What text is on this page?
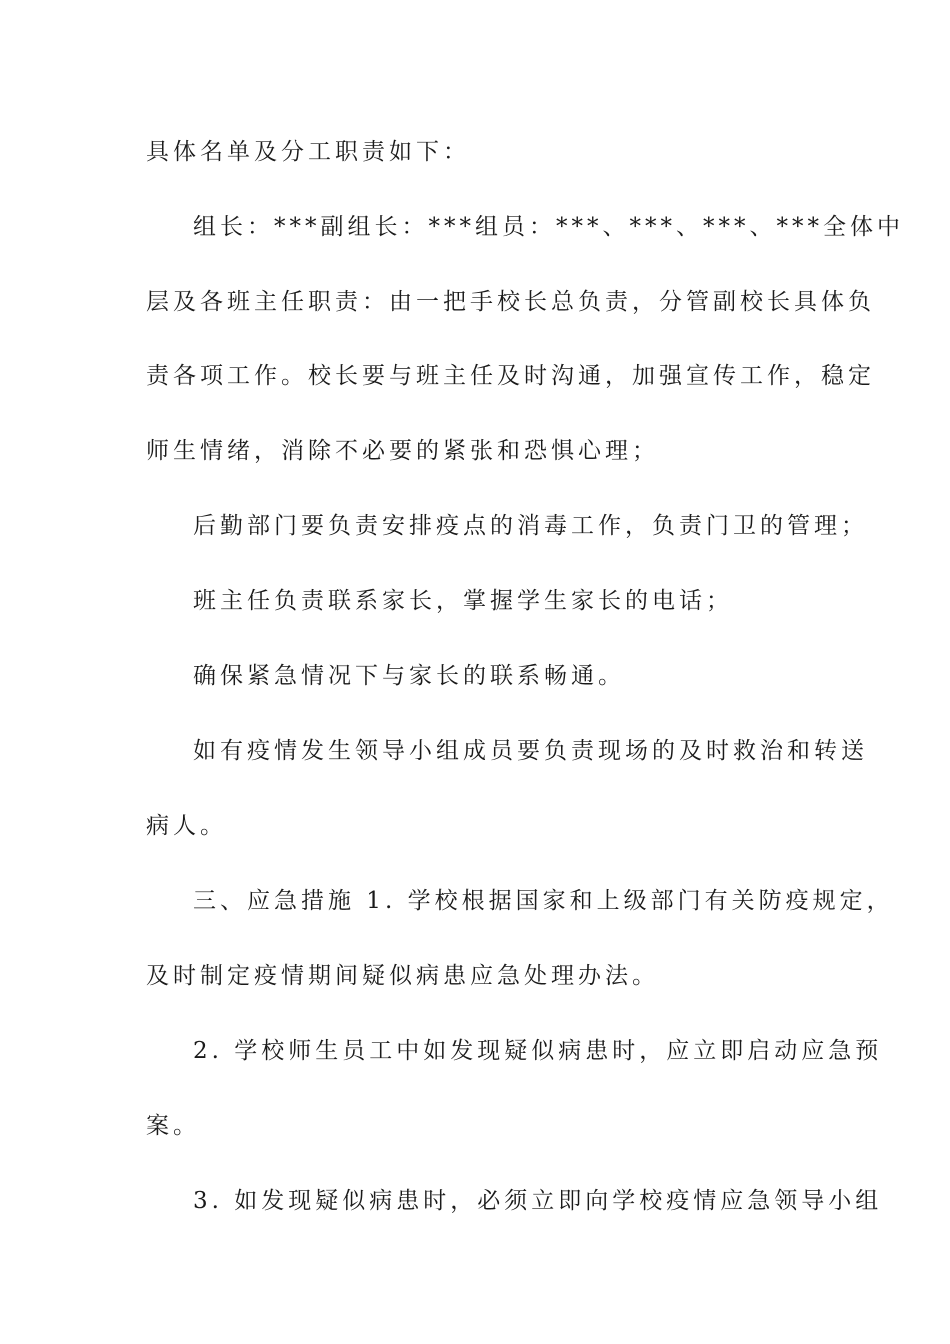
具体名单及分工职责如下：
组长：***副组长：***组员：***、***、***、***全体中
层及各班主任职责：由一把手校长总负责，分管副校长具体负
责各项工作。校长要与班主任及时沟通，加强宣传工作，稳定
师生情绪，消除不必要的紧张和恐惧心理；
后勤部门要负责安排疫点的消毒工作，负责门卫的管理；
班主任负责联系家长，掌握学生家长的电话；
确保紧急情况下与家长的联系畅通。
如有疫情发生领导小组成员要负责现场的及时救治和转送
病人。
三、应急措施 1. 学校根据国家和上级部门有关防疫规定，
及时制定疫情期间疑似病患应急处理办法。
2. 学校师生员工中如发现疑似病患时，应立即启动应急预
案。
3. 如发现疑似病患时，必须立即向学校疫情应急领导小组
